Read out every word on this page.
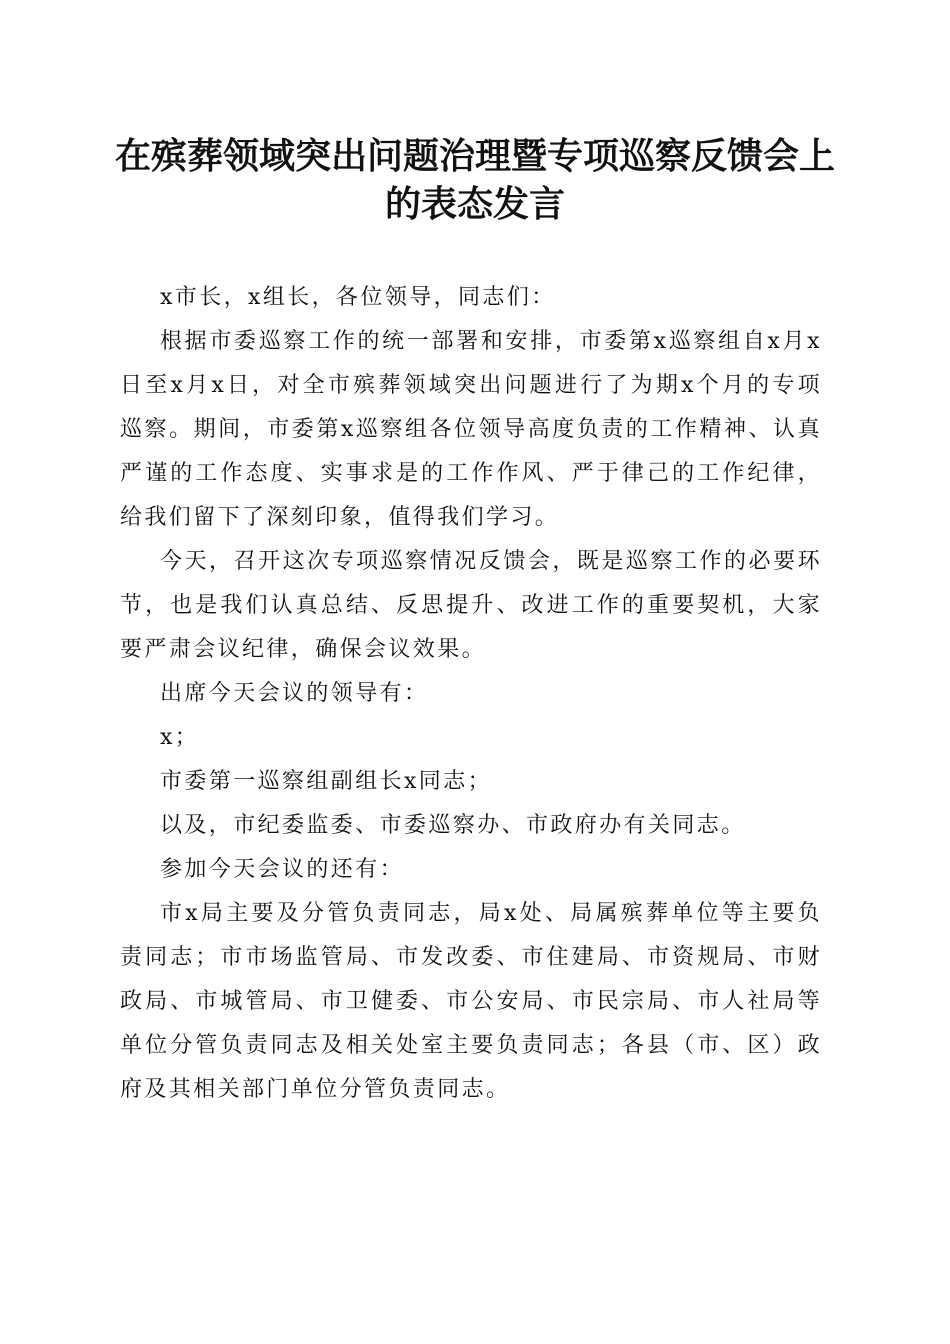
在殡葬领域突出问题治理暨专项巡察反馈会上
的表态发言

x市长，x组长，各位领导，同志们：

根据市委巡察工作的统一部署和安排，市委第x巡察组自x月x日至x月x日，对全市殡葬领域突出问题进行了为期x个月的专项巡察。期间，市委第x巡察组各位领导高度负责的工作精神、认真严谨的工作态度、实事求是的工作作风、严于律己的工作纪律，给我们留下了深刻印象，值得我们学习。

今天，召开这次专项巡察情况反馈会，既是巡察工作的必要环节，也是我们认真总结、反思提升、改进工作的重要契机，大家要严肃会议纪律，确保会议效果。

出席今天会议的领导有：

x；

市委第一巡察组副组长x同志；

以及，市纪委监委、市委巡察办、市政府办有关同志。

参加今天会议的还有：

市x局主要及分管负责同志，局x处、局属殡葬单位等主要负责同志；市市场监管局、市发改委、市住建局、市资规局、市财政局、市城管局、市卫健委、市公安局、市民宗局、市人社局等单位分管负责同志及相关处室主要负责同志；各县（市、区）政府及其相关部门单位分管负责同志。
